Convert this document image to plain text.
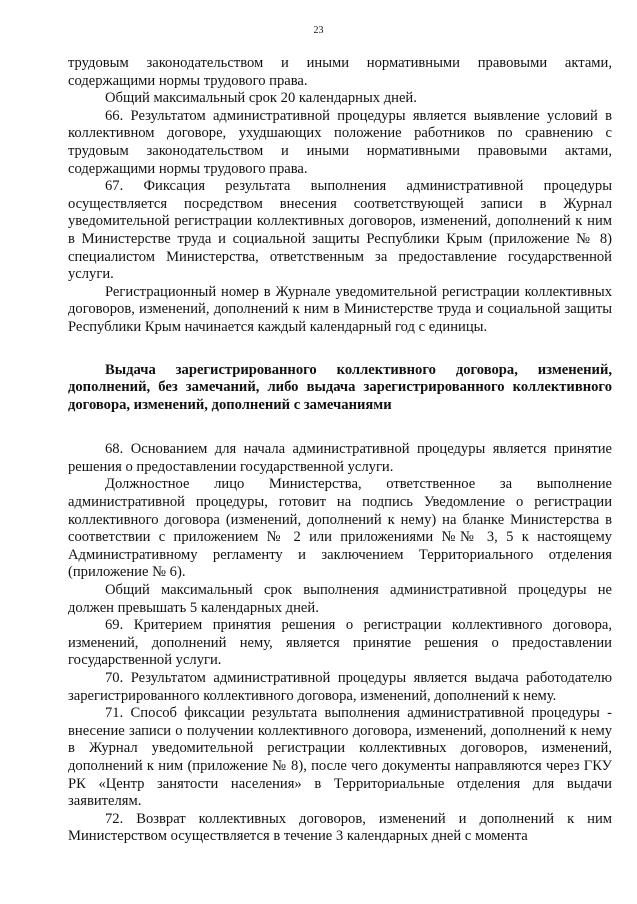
23

трудовым законодательством и иными нормативными правовыми актами, содержащими нормы трудового права.

Общий максимальный срок 20 календарных дней.

66. Результатом административной процедуры является выявление условий в коллективном договоре, ухудшающих положение работников по сравнению с трудовым законодательством и иными нормативными правовыми актами, содержащими нормы трудового права.

67. Фиксация результата выполнения административной процедуры осуществляется посредством внесения соответствующей записи в Журнал уведомительной регистрации коллективных договоров, изменений, дополнений к ним в Министерстве труда и социальной защиты Республики Крым (приложение № 8) специалистом Министерства, ответственным за предоставление государственной услуги.

Регистрационный номер в Журнале уведомительной регистрации коллективных договоров, изменений, дополнений к ним в Министерстве труда и социальной защиты Республики Крым начинается каждый календарный год с единицы.

Выдача зарегистрированного коллективного договора, изменений, дополнений, без замечаний, либо выдача зарегистрированного коллективного договора, изменений, дополнений с замечаниями

68. Основанием для начала административной процедуры является принятие решения о предоставлении государственной услуги.

Должностное лицо Министерства, ответственное за выполнение административной процедуры, готовит на подпись Уведомление о регистрации коллективного договора (изменений, дополнений к нему) на бланке Министерства в соответствии с приложением № 2 или приложениями №№ 3, 5 к настоящему Административному регламенту и заключением Территориального отделения (приложение № 6).

Общий максимальный срок выполнения административной процедуры не должен превышать 5 календарных дней.

69. Критерием принятия решения о регистрации коллективного договора, изменений, дополнений нему, является принятие решения о предоставлении государственной услуги.

70. Результатом административной процедуры является выдача работодателю зарегистрированного коллективного договора, изменений, дополнений к нему.

71. Способ фиксации результата выполнения административной процедуры - внесение записи о получении коллективного договора, изменений, дополнений к нему в Журнал уведомительной регистрации коллективных договоров, изменений, дополнений к ним (приложение № 8), после чего документы направляются через ГКУ РК «Центр занятости населения» в Территориальные отделения для выдачи заявителям.

72. Возврат коллективных договоров, изменений и дополнений к ним Министерством осуществляется в течение 3 календарных дней с момента
